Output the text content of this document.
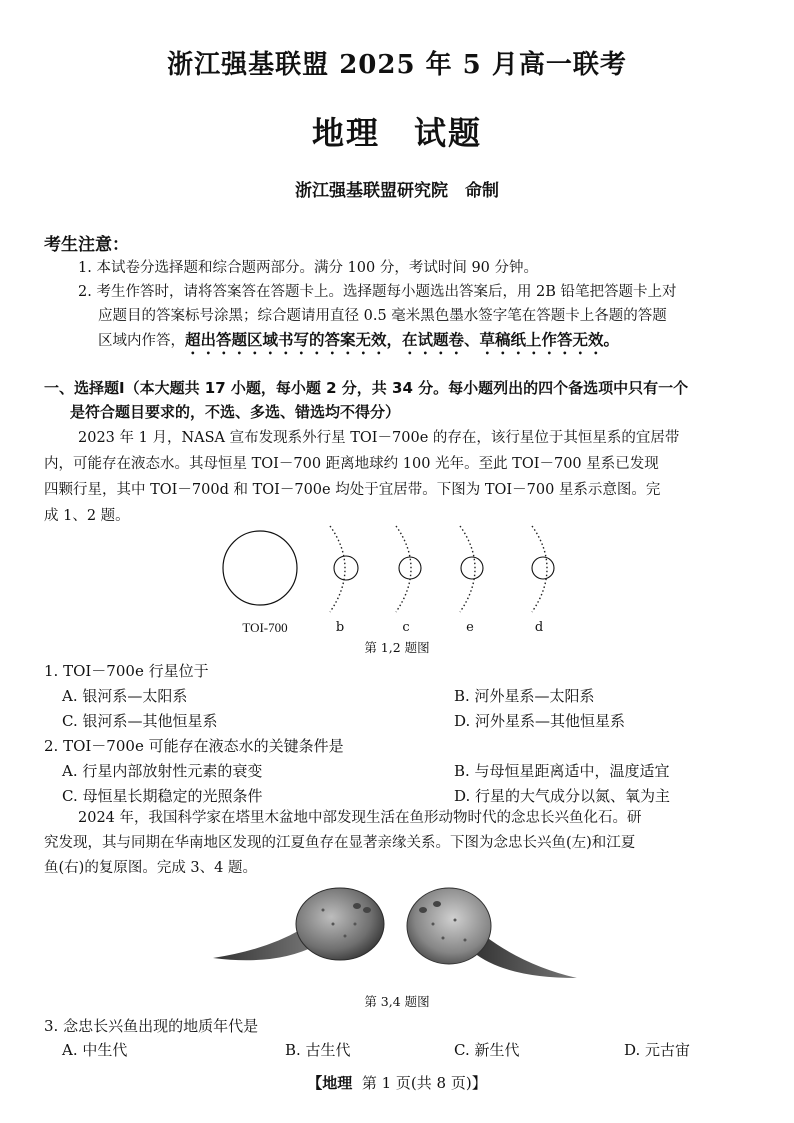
浙江强基联盟 2025 年 5 月高一联考
地理　试题
浙江强基联盟研究院　命制
考生注意：
1. 本试卷分选择题和综合题两部分。满分 100 分，考试时间 90 分钟。
2. 考生作答时，请将答案答在答题卡上。选择题每小题选出答案后，用 2B 铅笔把答题卡上对
应题目的答案标号涂黑；综合题请用直径 0.5 毫米黑色墨水签字笔在答题卡上各题的答题
区域内作答，超出答题区域书写的答案无效，在试题卷、草稿纸上作答无效。
一、选择题Ⅰ（本大题共 17 小题，每小题 2 分，共 34 分。每小题列出的四个备选项中只有一个
是符合题目要求的，不选、多选、错选均不得分）
2023 年 1 月，NASA 宣布发现系外行星 TOI－700e 的存在，该行星位于其恒星系的宜居带
内，可能存在液态水。其母恒星 TOI－700 距离地球约 100 光年。至此 TOI－700 星系已发现
四颗行星，其中 TOI－700d 和 TOI－700e 均处于宜居带。下图为 TOI－700 星系示意图。完
成 1、2 题。
TOI-700	b	c	e	d
第 1,2 题图
1. TOI－700e 行星位于
A. 银河系—太阳系	B. 河外星系—太阳系
C. 银河系—其他恒星系	D. 河外星系—其他恒星系
2. TOI－700e 可能存在液态水的关键条件是
A. 行星内部放射性元素的衰变	B. 与母恒星距离适中，温度适宜
C. 母恒星长期稳定的光照条件	D. 行星的大气成分以氮、氧为主
2024 年，我国科学家在塔里木盆地中部发现生活在鱼形动物时代的念忠长兴鱼化石。研
究发现，其与同期在华南地区发现的江夏鱼存在显著亲缘关系。下图为念忠长兴鱼(左)和江夏
鱼(右)的复原图。完成 3、4 题。
第 3,4 题图
3. 念忠长兴鱼出现的地质年代是
A. 中生代	B. 古生代	C. 新生代	D. 元古宙
【地理 第 1 页(共 8 页)】
